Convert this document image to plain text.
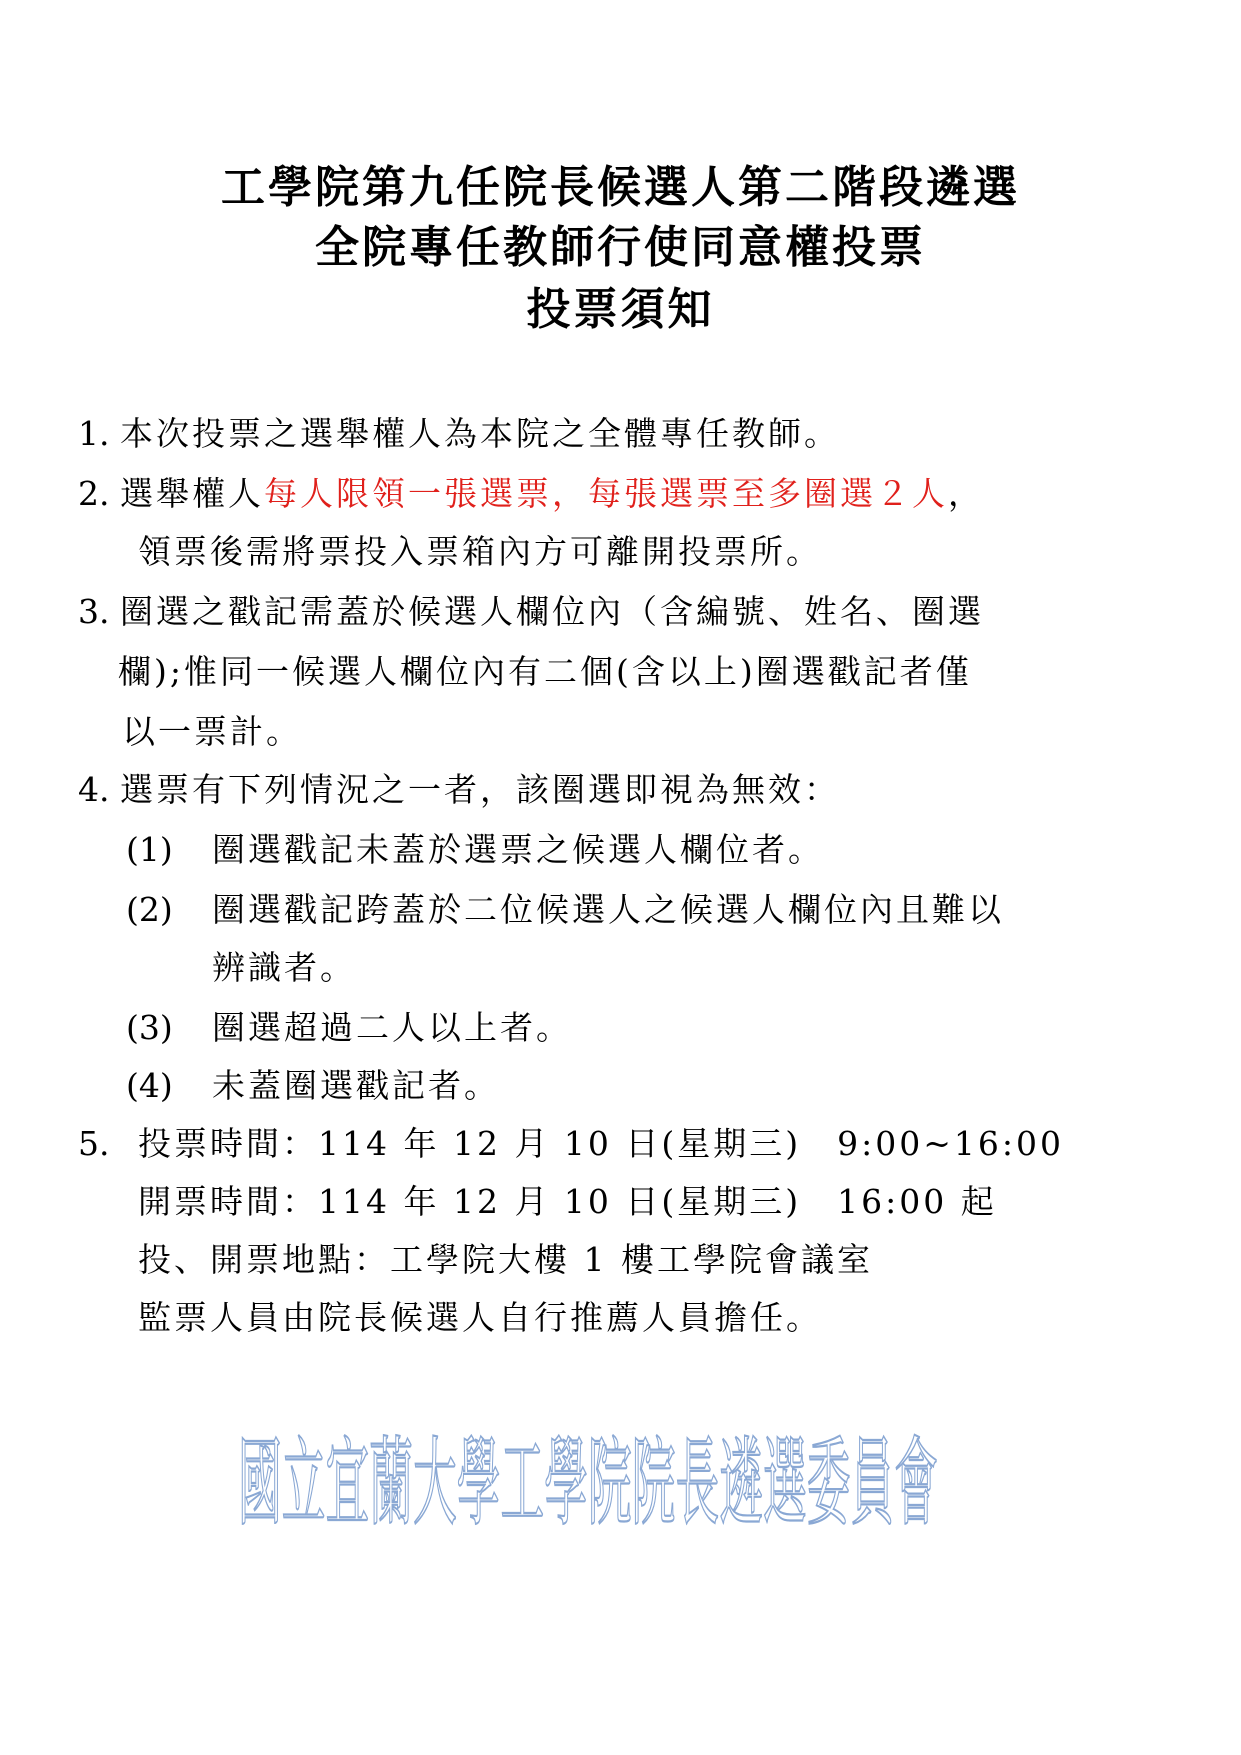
工學院第九任院長候選人第二階段遴選
全院專任教師行使同意權投票
投票須知
1. 本次投票之選舉權人為本院之全體專任教師。
2. 選舉權人每人限領一張選票，每張選票至多圈選２人，
領票後需將票投入票箱內方可離開投票所。
3. 圈選之戳記需蓋於候選人欄位內（含編號、姓名、圈選
欄);惟同一候選人欄位內有二個(含以上)圈選戳記者僅
以一票計。
4. 選票有下列情況之一者，該圈選即視為無效：
(1) 圈選戳記未蓋於選票之候選人欄位者。
(2) 圈選戳記跨蓋於二位候選人之候選人欄位內且難以
辨識者。
(3) 圈選超過二人以上者。
(4) 未蓋圈選戳記者。
5. 投票時間：114 年 12 月 10 日(星期三)　9:00~16:00
開票時間：114 年 12 月 10 日(星期三)　16:00 起
投、開票地點：工學院大樓 1 樓工學院會議室
監票人員由院長候選人自行推薦人員擔任。
國立宜蘭大學工學院院長遴選委員會
